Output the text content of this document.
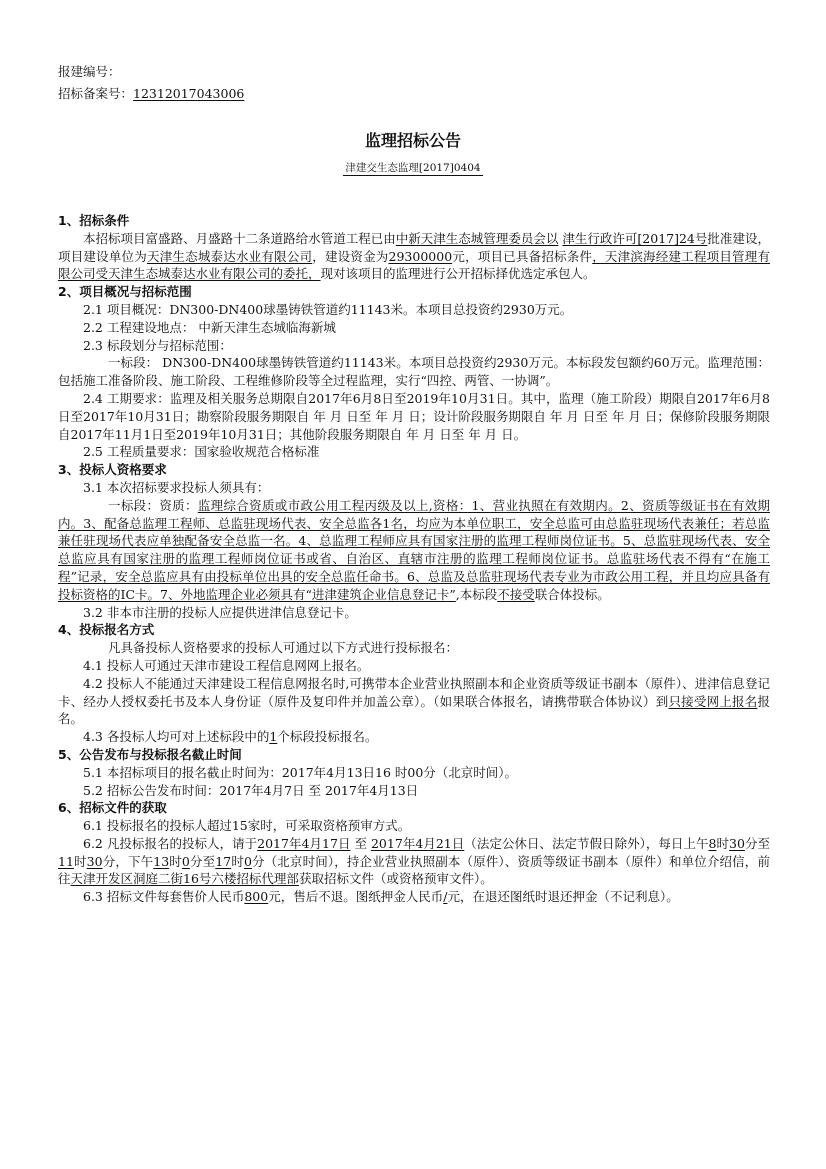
报建编号：
招标备案号：12312017043006
监理招标公告
津建交生态监理[2017]0404
1、招标条件

本招标项目富盛路、月盛路十二条道路给水管道工程已由中新天津生态城管理委员会以 津生行政许可[2017]24号批准建设，项目建设单位为天津生态城泰达水业有限公司，建设资金为29300000元，项目已具备招标条件，天津滨海经建工程项目管理有限公司受天津生态城泰达水业有限公司的委托，现对该项目的监理进行公开招标择优选定承包人。

2、项目概况与招标范围

2.1 项目概况：DN300-DN400球墨铸铁管道约11143米。本项目总投资约2930万元。

2.2 工程建设地点： 中新天津生态城临海新城

2.3 标段划分与招标范围：

一标段： DN300-DN400球墨铸铁管道约11143米。本项目总投资约2930万元。本标段发包额约60万元。监理范围：包括施工准备阶段、施工阶段、工程维修阶段等全过程监理，实行“四控、两管、一协调”。

2.4 工期要求：监理及相关服务总期限自2017年6月8日至2019年10月31日。其中，监理（施工阶段）期限自2017年6月8日至2017年10月31日；勘察阶段服务期限自 年 月 日至 年 月 日；设计阶段服务期限自 年 月 日至 年 月 日；保修阶段服务期限自2017年11月1日至2019年10月31日；其他阶段服务期限自 年 月 日至 年 月 日。

2.5 工程质量要求：国家验收规范合格标准

3、投标人资格要求

3.1 本次招标要求投标人须具有：

一标段：资质：监理综合资质或市政公用工程丙级及以上,资格：1、营业执照在有效期内。2、资质等级证书在有效期内。3、配备总监理工程师、总监驻现场代表、安全总监各1名，均应为本单位职工，安全总监可由总监驻现场代表兼任；若总监兼任驻现场代表应单独配备安全总监一名。4、总监理工程师应具有国家注册的监理工程师岗位证书。5、总监驻现场代表、安全总监应具有国家注册的监理工程师岗位证书或省、自治区、直辖市注册的监理工程师岗位证书。总监驻场代表不得有“在施工程”记录，安全总监应具有由投标单位出具的安全总监任命书。6、总监及总监驻现场代表专业为市政公用工程，并且均应具备有投标资格的IC卡。7、外地监理企业必须具有“进津建筑企业信息登记卡”,本标段不接受联合体投标。

3.2 非本市注册的投标人应提供进津信息登记卡。

4、投标报名方式

凡具备投标人资格要求的投标人可通过以下方式进行投标报名：

4.1 投标人可通过天津市建设工程信息网网上报名。

4.2 投标人不能通过天津建设工程信息网报名时,可携带本企业营业执照副本和企业资质等级证书副本（原件）、进津信息登记卡、经办人授权委托书及本人身份证（原件及复印件并加盖公章）。（如果联合体报名，请携带联合体协议）到只接受网上报名报名。

4.3 各投标人均可对上述标段中的1个标段投标报名。

5、公告发布与投标报名截止时间

5.1 本招标项目的报名截止时间为：2017年4月13日16 时00分（北京时间）。

5.2 招标公告发布时间：2017年4月7日 至 2017年4月13日

6、招标文件的获取

6.1 投标报名的投标人超过15家时，可采取资格预审方式。

6.2 凡投标报名的投标人，请于2017年4月17日 至 2017年4月21日（法定公休日、法定节假日除外），每日上午8时30分至11时30分，下午13时0分至17时0分（北京时间），持企业营业执照副本（原件）、资质等级证书副本（原件）和单位介绍信，前往天津开发区洞庭二街16号六楼招标代理部获取招标文件（或资格预审文件）。

6.3 招标文件每套售价人民币800元，售后不退。图纸押金人民币/元，在退还图纸时退还押金（不记利息）。
